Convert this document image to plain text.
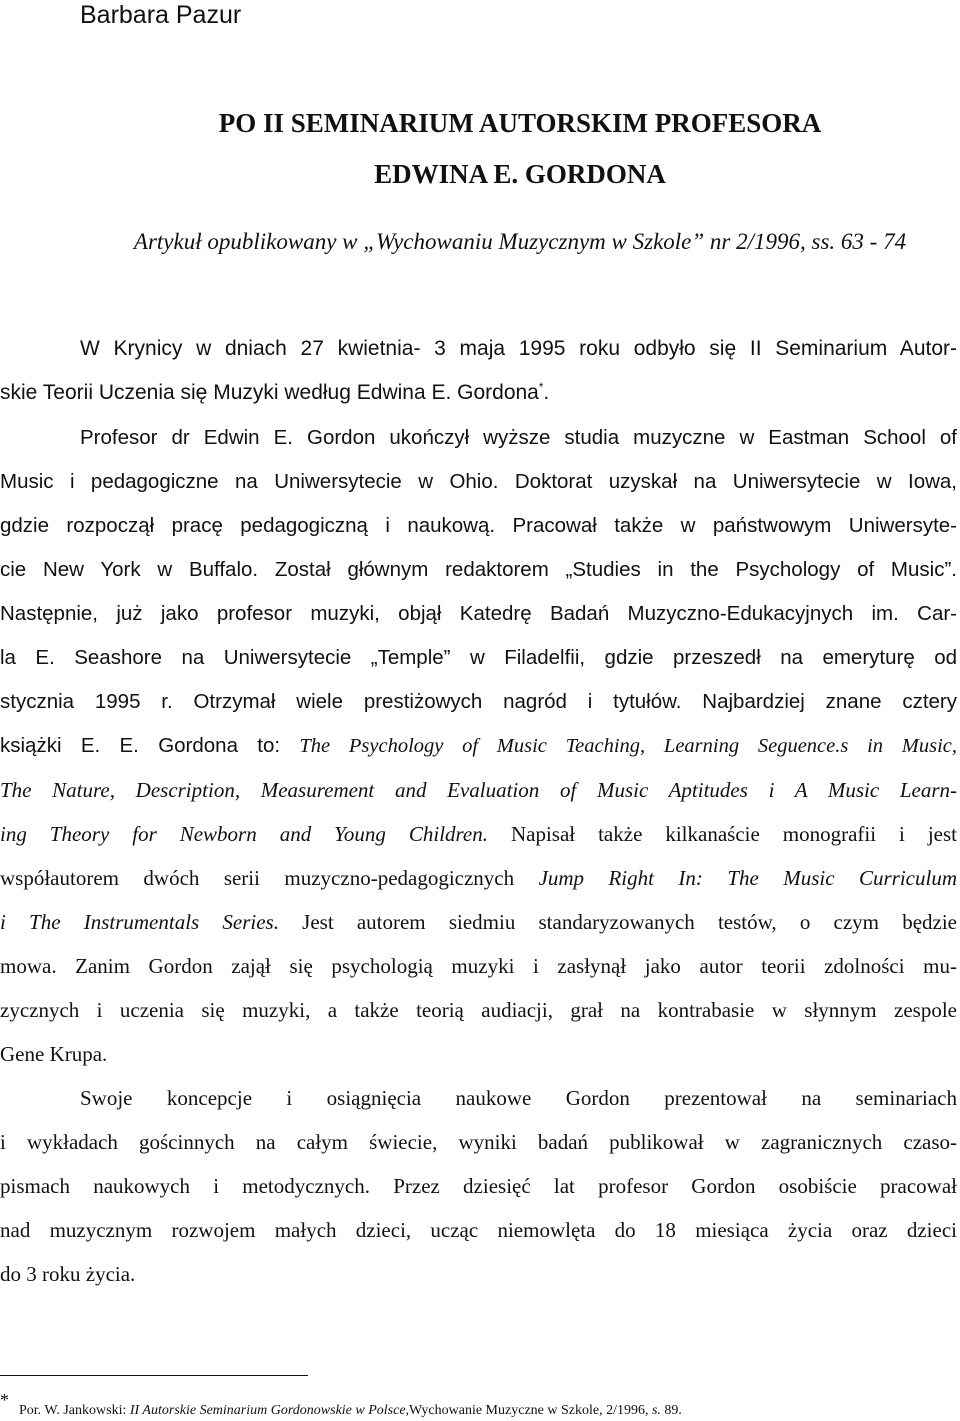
Barbara Pazur
PO II SEMINARIUM AUTORSKIM PROFESORA
EDWINA E. GORDONA
Artykuł opublikowany w „Wychowaniu Muzycznym w Szkole” nr 2/1996, ss. 63 - 74
W Krynicy w dniach 27 kwietnia- 3 maja 1995 roku odbyło się II Seminarium Autor-
skie Teorii Uczenia się Muzyki według Edwina E. Gordona*.
Profesor dr Edwin E. Gordon ukończył wyższe studia muzyczne w Eastman School of
Music i pedagogiczne na Uniwersytecie w Ohio. Doktorat uzyskał na Uniwersytecie w Iowa,
gdzie rozpoczął pracę pedagogiczną i naukową. Pracował także w państwowym Uniwersyte-
cie New York w Buffalo. Został głównym redaktorem „Studies in the Psychology of Music”.
Następnie, już jako profesor muzyki, objął Katedrę Badań Muzyczno-Edukacyjnych im. Car-
la E. Seashore na Uniwersytecie „Temple” w Filadelfii, gdzie przeszedł na emeryturę od
stycznia 1995 r. Otrzymał wiele prestiżowych nagród i tytułów. Najbardziej znane cztery
książki E. E. Gordona to: The Psychology of Music Teaching, Learning Seguence.s in Music,
The Nature, Description, Measurement and Evaluation of Music Aptitudes i A Music Learn-
ing Theory for Newborn and Young Children. Napisał także kilkanaście monografii i jest
współautorem dwóch serii muzyczno-pedagogicznych Jump Right In: The Music Curriculum
i The Instrumentals Series. Jest autorem siedmiu standaryzowanych testów, o czym będzie
mowa. Zanim Gordon zajął się psychologią muzyki i zasłynął jako autor teorii zdolności mu-
zycznych i uczenia się muzyki, a także teorią audiacji, grał na kontrabasie w słynnym zespole
Gene Krupa.
Swoje koncepcje i osiągnięcia naukowe Gordon prezentował na seminariach
i wykładach gościnnych na całym świecie, wyniki badań publikował w zagranicznych czaso-
pismach naukowych i metodycznych. Przez dziesięć lat profesor Gordon osobiście pracował
nad muzycznym rozwojem małych dzieci, ucząc niemowlęta do 18 miesiąca życia oraz dzieci
do 3 roku życia.
*Por. W. Jankowski: II Autorskie Seminarium Gordonowskie w Polsce,Wychowanie Muzyczne w Szkole, 2/1996, s. 89.
